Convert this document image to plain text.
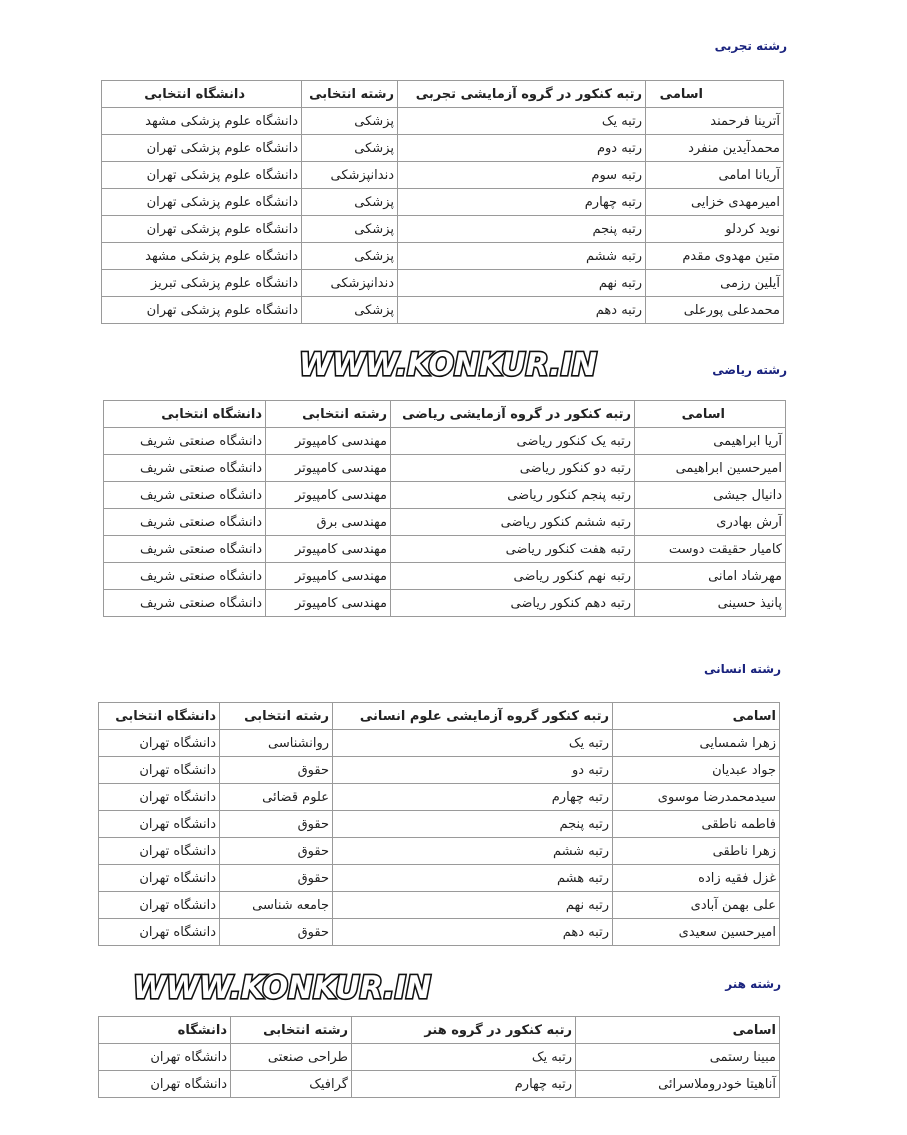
رشته تجربی
اسامی	رتبه کنکور در گروه آزمایشی تجربی	رشته انتخابی	دانشگاه انتخابی
آترینا فرحمند	رتبه یک	پزشکی	دانشگاه علوم پزشکی مشهد
محمدآیدین منفرد	رتبه دوم	پزشکی	دانشگاه علوم پزشکی تهران
آریانا امامی	رتبه سوم	دندانپزشکی	دانشگاه علوم پزشکی تهران
امیرمهدی خزایی	رتبه چهارم	پزشکی	دانشگاه علوم پزشکی تهران
نوید کردلو	رتبه پنجم	پزشکی	دانشگاه علوم پزشکی تهران
متین مهدوی مقدم	رتبه ششم	پزشکی	دانشگاه علوم پزشکی مشهد
آیلین رزمی	رتبه نهم	دندانپزشکی	دانشگاه علوم پزشکی تبریز
محمدعلی پورعلی	رتبه دهم	پزشکی	دانشگاه علوم پزشکی تهران
WWW.KONKUR.IN	رشته ریاضی
اسامی	رتبه کنکور در گروه آزمایشی ریاضی	رشته انتخابی	دانشگاه انتخابی
آریا ابراهیمی	رتبه یک کنکور ریاضی	مهندسی کامپیوتر	دانشگاه صنعتی شریف
امیرحسین ابراهیمی	رتبه دو کنکور ریاضی	مهندسی کامپیوتر	دانشگاه صنعتی شریف
دانیال جیشی	رتبه پنجم کنکور ریاضی	مهندسی کامپیوتر	دانشگاه صنعتی شریف
آرش بهادری	رتبه ششم کنکور ریاضی	مهندسی برق	دانشگاه صنعتی شریف
کامیار حقیقت دوست	رتبه هفت کنکور ریاضی	مهندسی کامپیوتر	دانشگاه صنعتی شریف
مهرشاد امانی	رتبه نهم کنکور ریاضی	مهندسی کامپیوتر	دانشگاه صنعتی شریف
پانیذ حسینی	رتبه دهم کنکور ریاضی	مهندسی کامپیوتر	دانشگاه صنعتی شریف
رشته انسانی
اسامی	رتبه کنکور گروه آزمایشی علوم انسانی	رشته انتخابی	دانشگاه انتخابی
زهرا شمسایی	رتبه یک	روانشناسی	دانشگاه تهران
جواد عبدیان	رتبه دو	حقوق	دانشگاه تهران
سیدمحمدرضا موسوی	رتبه چهارم	علوم قضائی	دانشگاه تهران
فاطمه ناطقی	رتبه پنجم	حقوق	دانشگاه تهران
زهرا ناطقی	رتبه ششم	حقوق	دانشگاه تهران
غزل فقیه زاده	رتبه هشم	حقوق	دانشگاه تهران
علی بهمن آبادی	رتبه نهم	جامعه شناسی	دانشگاه تهران
امیرحسین سعیدی	رتبه دهم	حقوق	دانشگاه تهران
WWW.KONKUR.IN	رشته هنر
اسامی	رتبه کنکور در گروه هنر	رشته انتخابی	دانشگاه
مبینا رستمی	رتبه یک	طراحی صنعتی	دانشگاه تهران
آناهیتا خودروملاسرائی	رتبه چهارم	گرافیک	دانشگاه تهران
